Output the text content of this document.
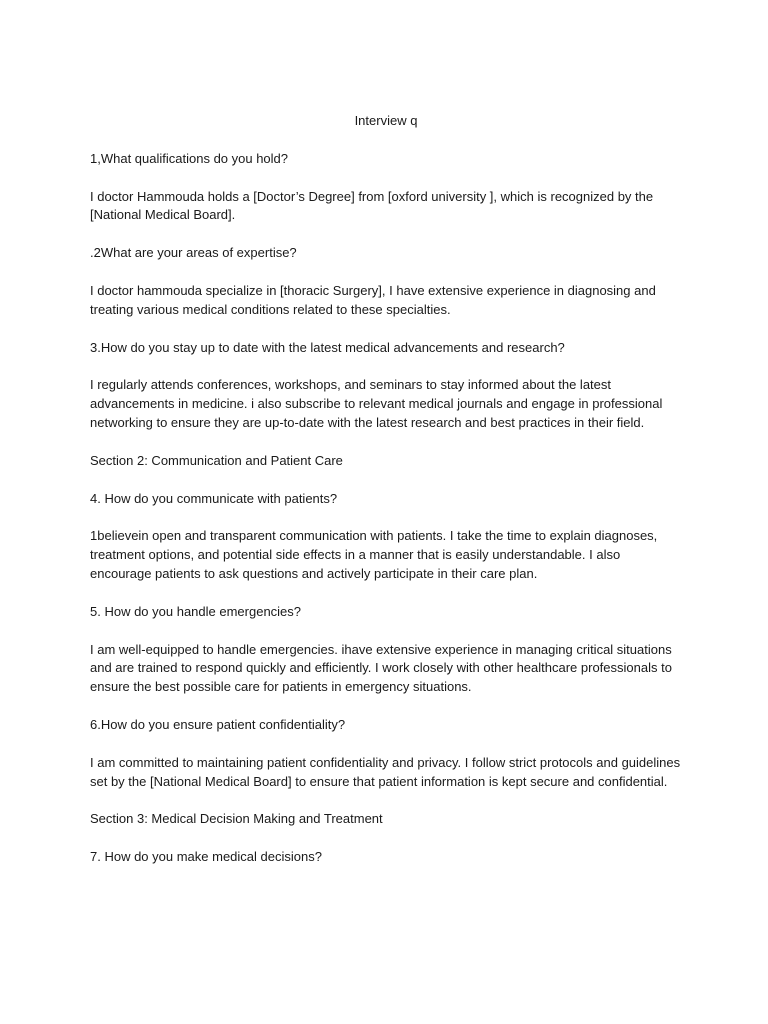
Interview q

1,What qualifications do you hold?

I doctor Hammouda holds a [Doctor’s Degree] from [oxford university ], which is recognized by the [National Medical Board].

.2What are your areas of expertise?

I doctor hammouda specialize in [thoracic Surgery], I have extensive experience in diagnosing and treating various medical conditions related to these specialties.

3.How do you stay up to date with the latest medical advancements and research?

I regularly attends conferences, workshops, and seminars to stay informed about the latest advancements in medicine. i also subscribe to relevant medical journals and engage in professional networking to ensure they are up-to-date with the latest research and best practices in their field.

Section 2: Communication and Patient Care

4. How do you communicate with patients?

1believein open and transparent communication with patients. I take the time to explain diagnoses, treatment options, and potential side effects in a manner that is easily understandable. I also encourage patients to ask questions and actively participate in their care plan.

5. How do you handle emergencies?

I am well-equipped to handle emergencies. ihave extensive experience in managing critical situations and are trained to respond quickly and efficiently. I work closely with other healthcare professionals to ensure the best possible care for patients in emergency situations.

6.How do you ensure patient confidentiality?

I am committed to maintaining patient confidentiality and privacy. I follow strict protocols and guidelines set by the [National Medical Board] to ensure that patient information is kept secure and confidential.

Section 3: Medical Decision Making and Treatment

7. How do you make medical decisions?
